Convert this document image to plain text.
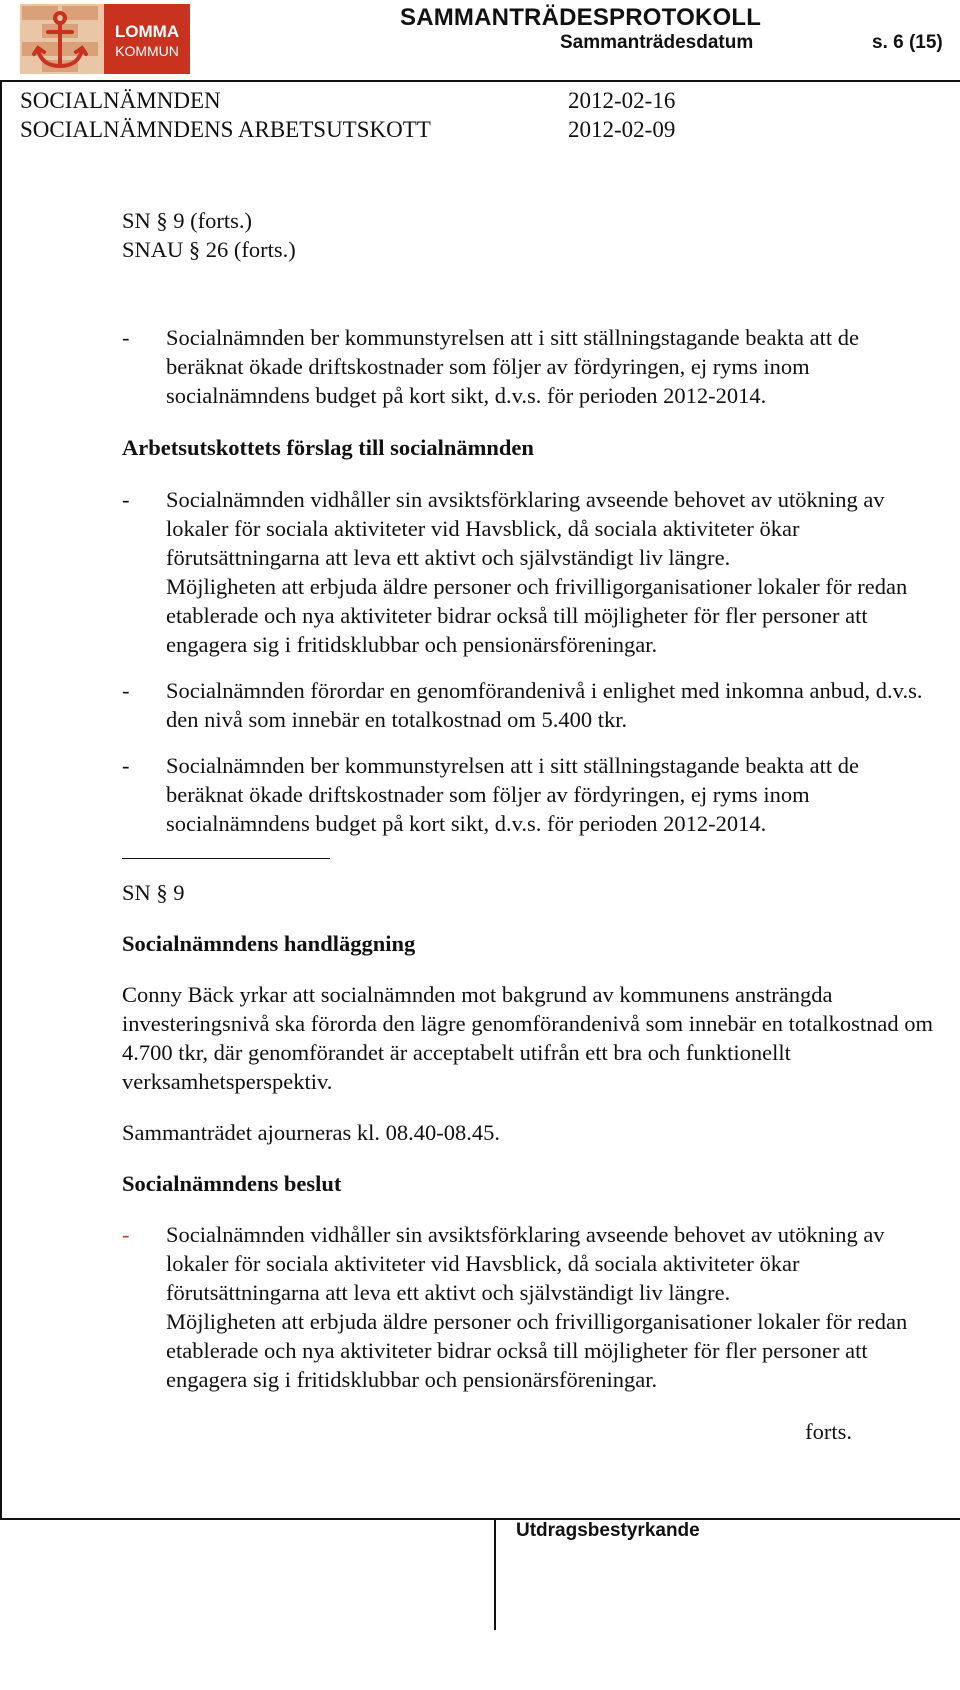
LOMMA
KOMMUN
SAMMANTRÄDESPROTOKOLL
Sammanträdesdatum	s. 6 (15)
SOCIALNÄMNDEN	2012-02-16
SOCIALNÄMNDENS ARBETSUTSKOTT	2012-02-09

SN § 9 (forts.)

SNAU § 26 (forts.)

- Socialnämnden ber kommunstyrelsen att i sitt ställningstagande beakta att de beräknat ökade driftskostnader som följer av fördyringen, ej ryms inom socialnämndens budget på kort sikt, d.v.s. för perioden 2012-2014.

Arbetsutskottets förslag till socialnämnden

- Socialnämnden vidhåller sin avsiktsförklaring avseende behovet av utökning av lokaler för sociala aktiviteter vid Havsblick, då sociala aktiviteter ökar förutsättningarna att leva ett aktivt och självständigt liv längre.

Möjligheten att erbjuda äldre personer och frivilligorganisationer lokaler för redan etablerade och nya aktiviteter bidrar också till möjligheter för fler personer att engagera sig i fritidsklubbar och pensionärsföreningar.

- Socialnämnden förordar en genomförandenivå i enlighet med inkomna anbud, d.v.s. den nivå som innebär en totalkostnad om 5.400 tkr.

- Socialnämnden ber kommunstyrelsen att i sitt ställningstagande beakta att de beräknat ökade driftskostnader som följer av fördyringen, ej ryms inom socialnämndens budget på kort sikt, d.v.s. för perioden 2012-2014.

SN § 9

Socialnämndens handläggning

Conny Bäck yrkar att socialnämnden mot bakgrund av kommunens ansträngda investeringsnivå ska förorda den lägre genomförandenivå som innebär en totalkostnad om 4.700 tkr, där genomförandet är acceptabelt utifrån ett bra och funktionellt verksamhetsperspektiv.

Sammanträdet ajourneras kl. 08.40-08.45.

Socialnämndens beslut

- Socialnämnden vidhåller sin avsiktsförklaring avseende behovet av utökning av lokaler för sociala aktiviteter vid Havsblick, då sociala aktiviteter ökar förutsättningarna att leva ett aktivt och självständigt liv längre.

Möjligheten att erbjuda äldre personer och frivilligorganisationer lokaler för redan etablerade och nya aktiviteter bidrar också till möjligheter för fler personer att engagera sig i fritidsklubbar och pensionärsföreningar.

forts.

Utdragsbestyrkande
